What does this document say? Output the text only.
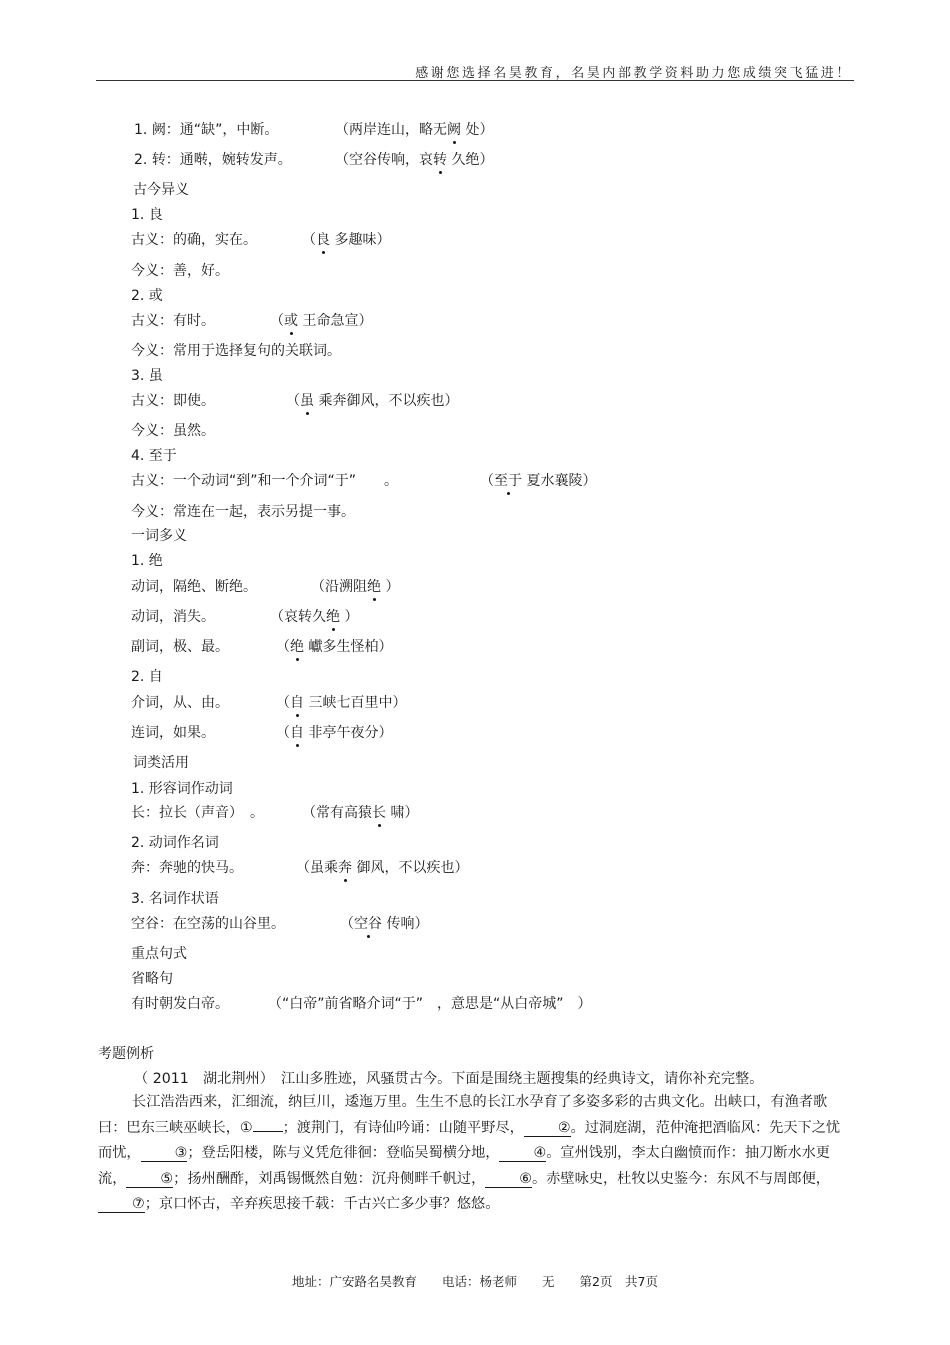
感谢您选择名昊教育，名昊内部教学资料助力您成绩突飞猛进！
1. 阙：通“缺”，中断。	（两岸连山，略无阙 处）
2. 转：通啭，婉转发声。	（空谷传响，哀转 久绝）
古今异义
1. 良
古义：的确，实在。	（良 多趣味）
今义：善，好。
2. 或
古义：有时。	（或 王命急宣）
今义：常用于选择复句的关联词。
3. 虽
古义：即使。	（虽 乘奔御风，不以疾也）
今义：虽然。
4. 至于
古义：一个动词“到”和一个介词“于”　　。	（至于 夏水襄陵）
今义：常连在一起，表示另提一事。
一词多义
1. 绝
动词，隔绝、断绝。	（沿溯阻绝 ）
动词，消失。	（哀转久绝 ）
副词，极、最。	（绝 巘多生怪柏）
2. 自
介词，从、由。	（自 三峡七百里中）
连词，如果。	（自 非亭午夜分）
词类活用
1. 形容词作动词
长：拉长（声音）　。	（常有高猿长 啸）
2. 动词作名词
奔：奔驰的快马。	（虽乘奔 御风，不以疾也）
3. 名词作状语
空谷：在空荡的山谷里。	（空谷 传响）
重点句式
省略句
有时朝发白帝。	（“白帝”前省略介词“于”　，意思是“从白帝城”　）
考题例析
（ 2011　湖北荆州）　江山多胜迹，风骚贯古今。下面是围绕主题搜集的经典诗文，请你补充完整。
长江浩浩西来，汇细流，纳巨川，逶迤万里。生生不息的长江水孕育了多姿多彩的古典文化。出峡口，有渔者歌曰：巴东三峡巫峡长，① ；渡荆门，有诗仙吟诵：山随平野尽， ②。过洞庭湖，范仲淹把酒临风：先天下之忧而忧， ③；登岳阳楼，陈与义凭危徘徊：登临吴蜀横分地， ④。宣州饯别，李太白幽愤而作：抽刀断水水更流， ⑤；扬州酬酢，刘禹锡慨然自勉：沉舟侧畔千帆过， ⑥。赤壁咏史，杜牧以史鉴今：东风不与周郎便，⑦；京口怀古，辛弃疾思接千载：千古兴亡多少事？悠悠。
地址：广安路名昊教育　　电话：杨老师　　无　　第2页　共7页
